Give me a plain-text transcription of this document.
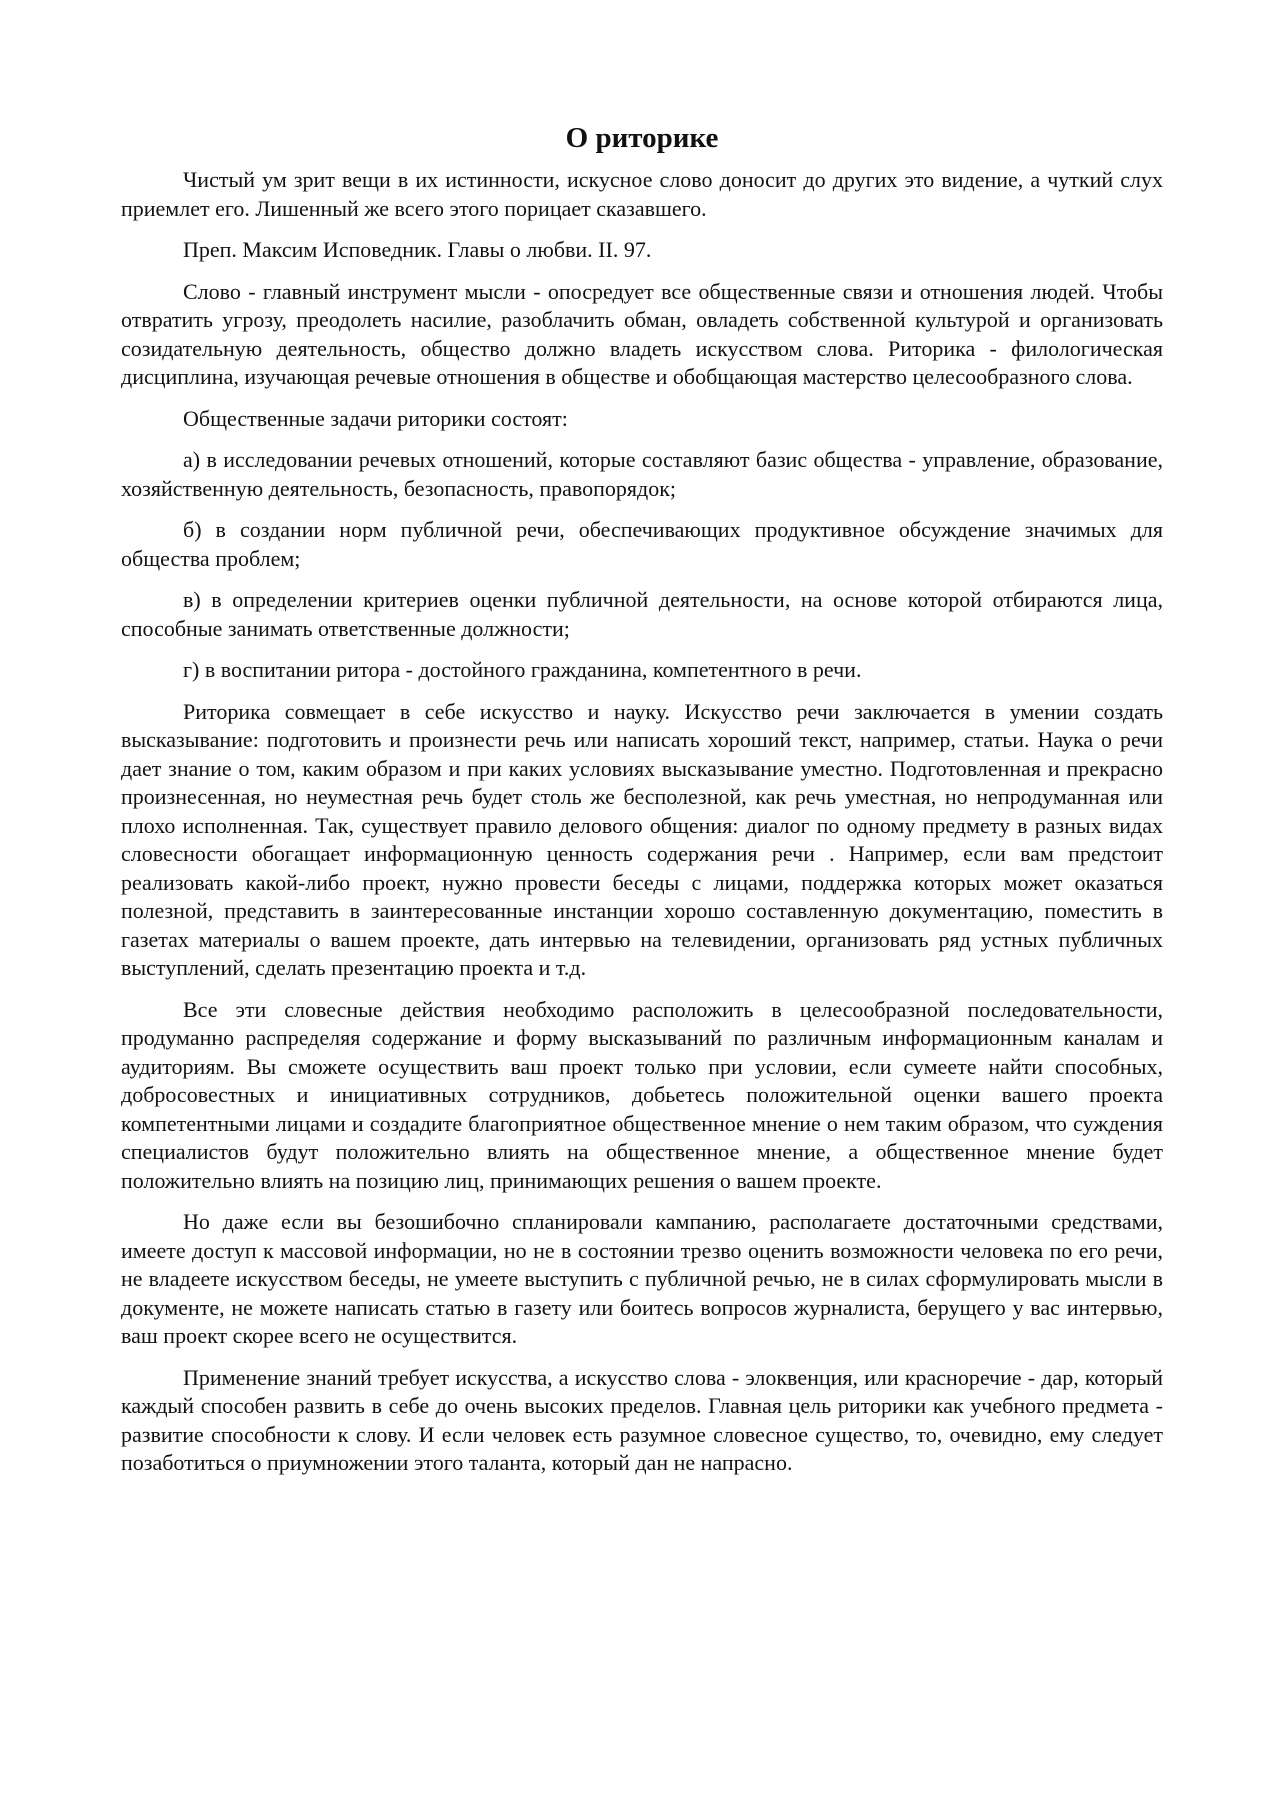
О риторике

Чистый ум зрит вещи в их истинности, искусное слово доносит до других это видение, а чуткий слух приемлет его. Лишенный же всего этого порицает сказавшего.

Преп. Максим Исповедник. Главы о любви. II. 97.

Слово - главный инструмент мысли - опосредует все общественные связи и отношения людей. Чтобы отвратить угрозу, преодолеть насилие, разоблачить обман, овладеть собственной культурой и организовать созидательную деятельность, общество должно владеть искусством слова. Риторика - филологическая дисциплина, изучающая речевые отношения в обществе и обобщающая мастерство целесообразного слова.

Общественные задачи риторики состоят:

а) в исследовании речевых отношений, которые составляют базис общества - управление, образование, хозяйственную деятельность, безопасность, правопорядок;

б) в создании норм публичной речи, обеспечивающих продуктивное обсуждение значимых для общества проблем;

в) в определении критериев оценки публичной деятельности, на основе которой отбираются лица, способные занимать ответственные должности;

г) в воспитании ритора - достойного гражданина, компетентного в речи.

Риторика совмещает в себе искусство и науку. Искусство речи заключается в умении создать высказывание: подготовить и произнести речь или написать хороший текст, например, статьи. Наука о речи дает знание о том, каким образом и при каких условиях высказывание уместно. Подготовленная и прекрасно произнесенная, но неуместная речь будет столь же бесполезной, как речь уместная, но непродуманная или плохо исполненная. Так, существует правило делового общения: диалог по одному предмету в разных видах словесности обогащает информационную ценность содержания речи . Например, если вам предстоит реализовать какой-либо проект, нужно провести беседы с лицами, поддержка которых может оказаться полезной, представить в заинтересованные инстанции хорошо составленную документацию, поместить в газетах материалы о вашем проекте, дать интервью на телевидении, организовать ряд устных публичных выступлений, сделать презентацию проекта и т.д.

Все эти словесные действия необходимо расположить в целесообразной последовательности, продуманно распределяя содержание и форму высказываний по различным информационным каналам и аудиториям. Вы сможете осуществить ваш проект только при условии, если сумеете найти способных, добросовестных и инициативных сотрудников, добьетесь положительной оценки вашего проекта компетентными лицами и создадите благоприятное общественное мнение о нем таким образом, что суждения специалистов будут положительно влиять на общественное мнение, а общественное мнение будет положительно влиять на позицию лиц, принимающих решения о вашем проекте.

Но даже если вы безошибочно спланировали кампанию, располагаете достаточными средствами, имеете доступ к массовой информации, но не в состоянии трезво оценить возможности человека по его речи, не владеете искусством беседы, не умеете выступить с публичной речью, не в силах сформулировать мысли в документе, не можете написать статью в газету или боитесь вопросов журналиста, берущего у вас интервью, ваш проект скорее всего не осуществится.

Применение знаний требует искусства, а искусство слова - элоквенция, или красноречие - дар, который каждый способен развить в себе до очень высоких пределов. Главная цель риторики как учебного предмета - развитие способности к слову. И если человек есть разумное словесное существо, то, очевидно, ему следует позаботиться о приумножении этого таланта, который дан не напрасно.
